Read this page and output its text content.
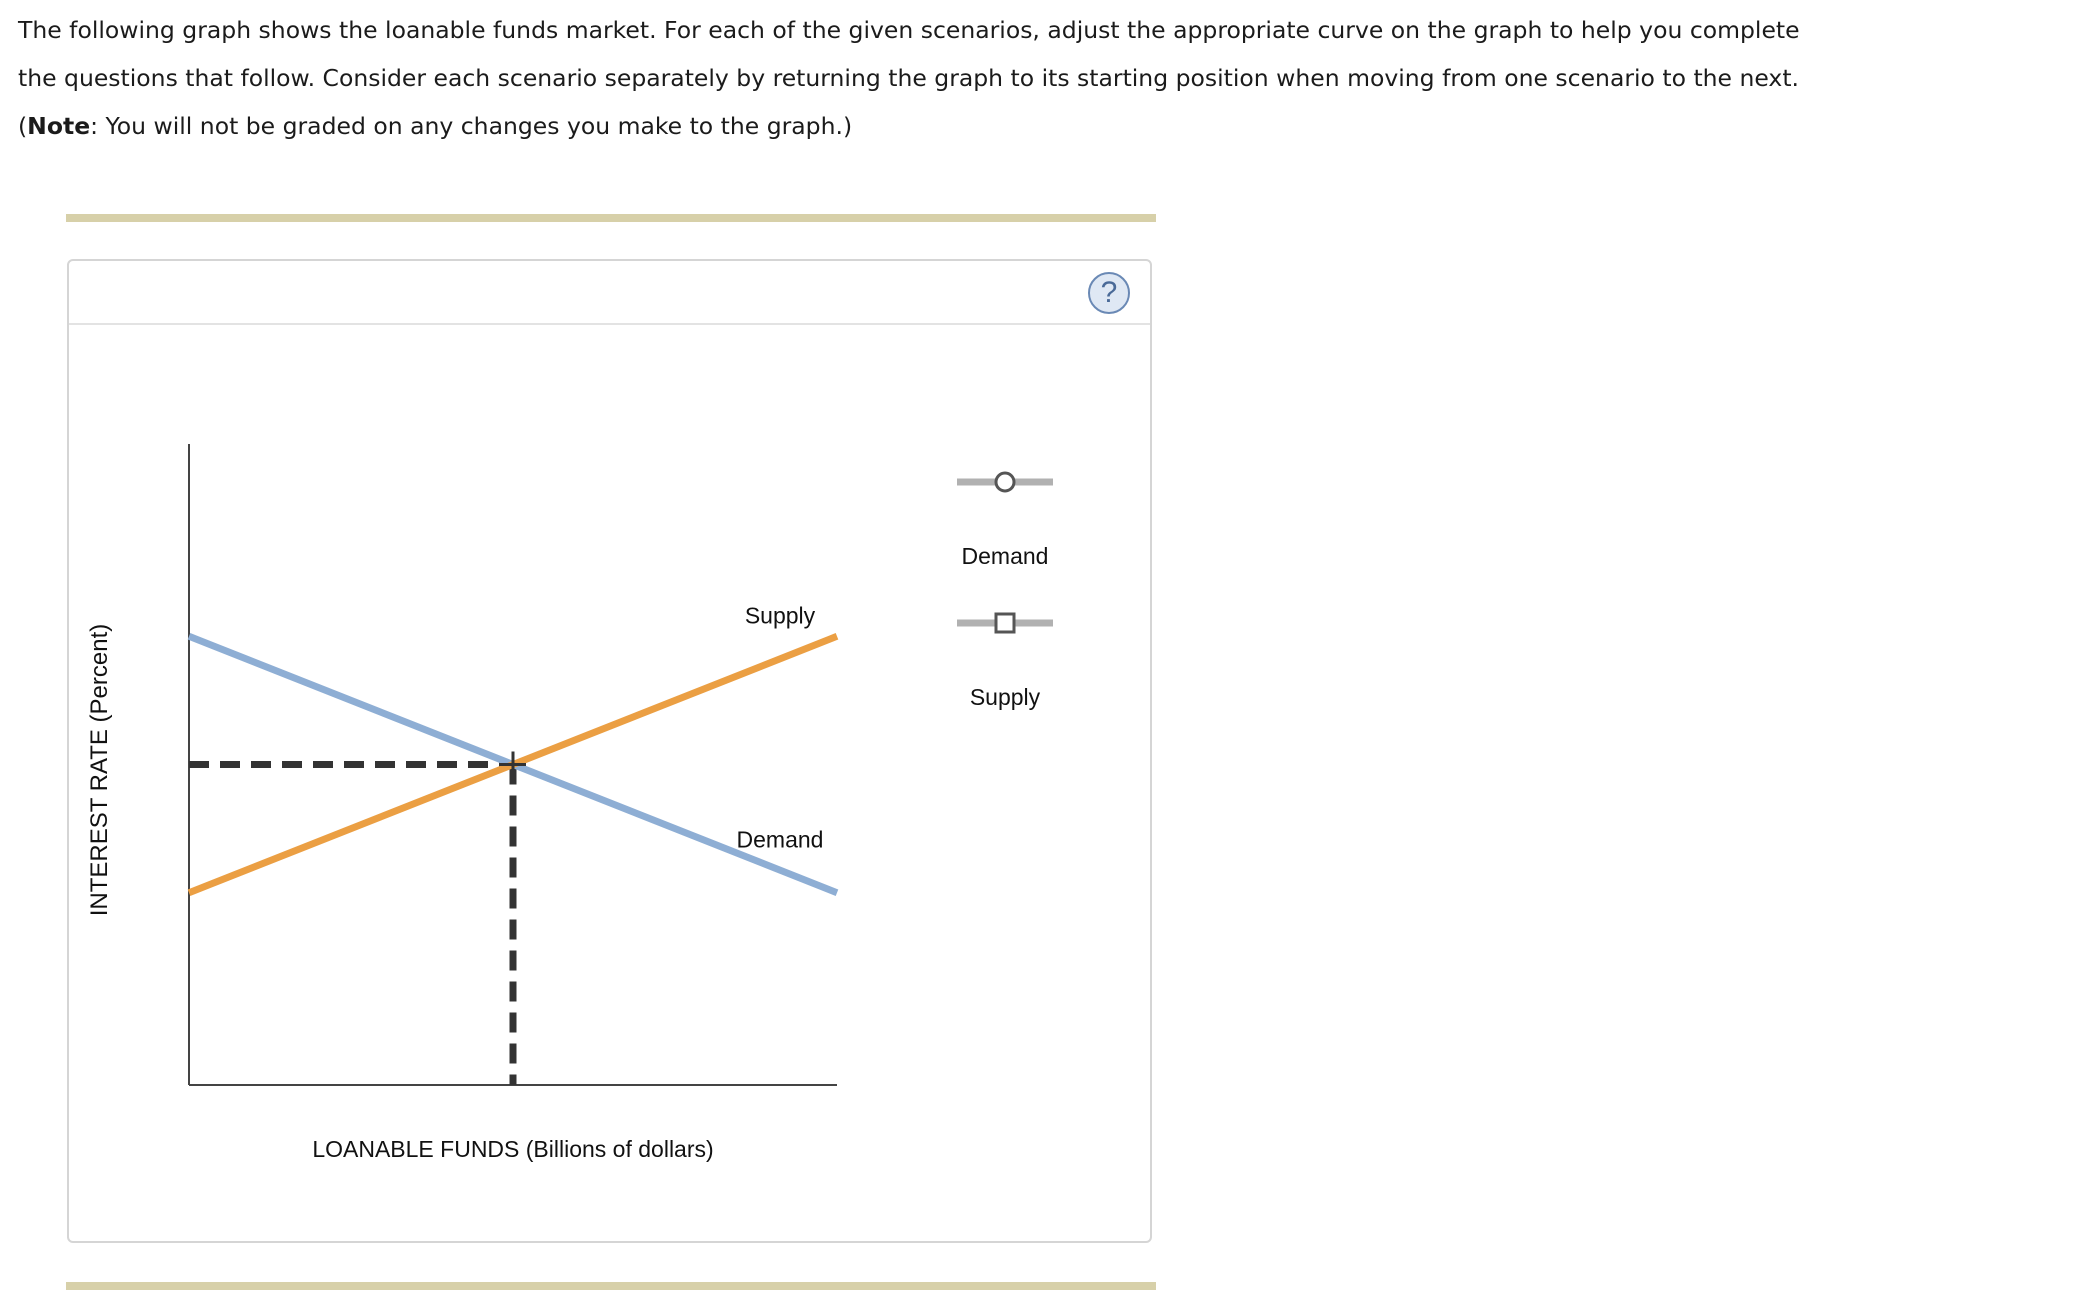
The following graph shows the loanable funds market. For each of the given scenarios, adjust the appropriate curve on the graph to help you complete

the questions that follow. Consider each scenario separately by returning the graph to its starting position when moving from one scenario to the next.

(Note: You will not be graded on any changes you make to the graph.)

?
INTEREST RATE (Percent)
LOANABLE FUNDS (Billions of dollars)
Supply
Demand
Demand
Supply
